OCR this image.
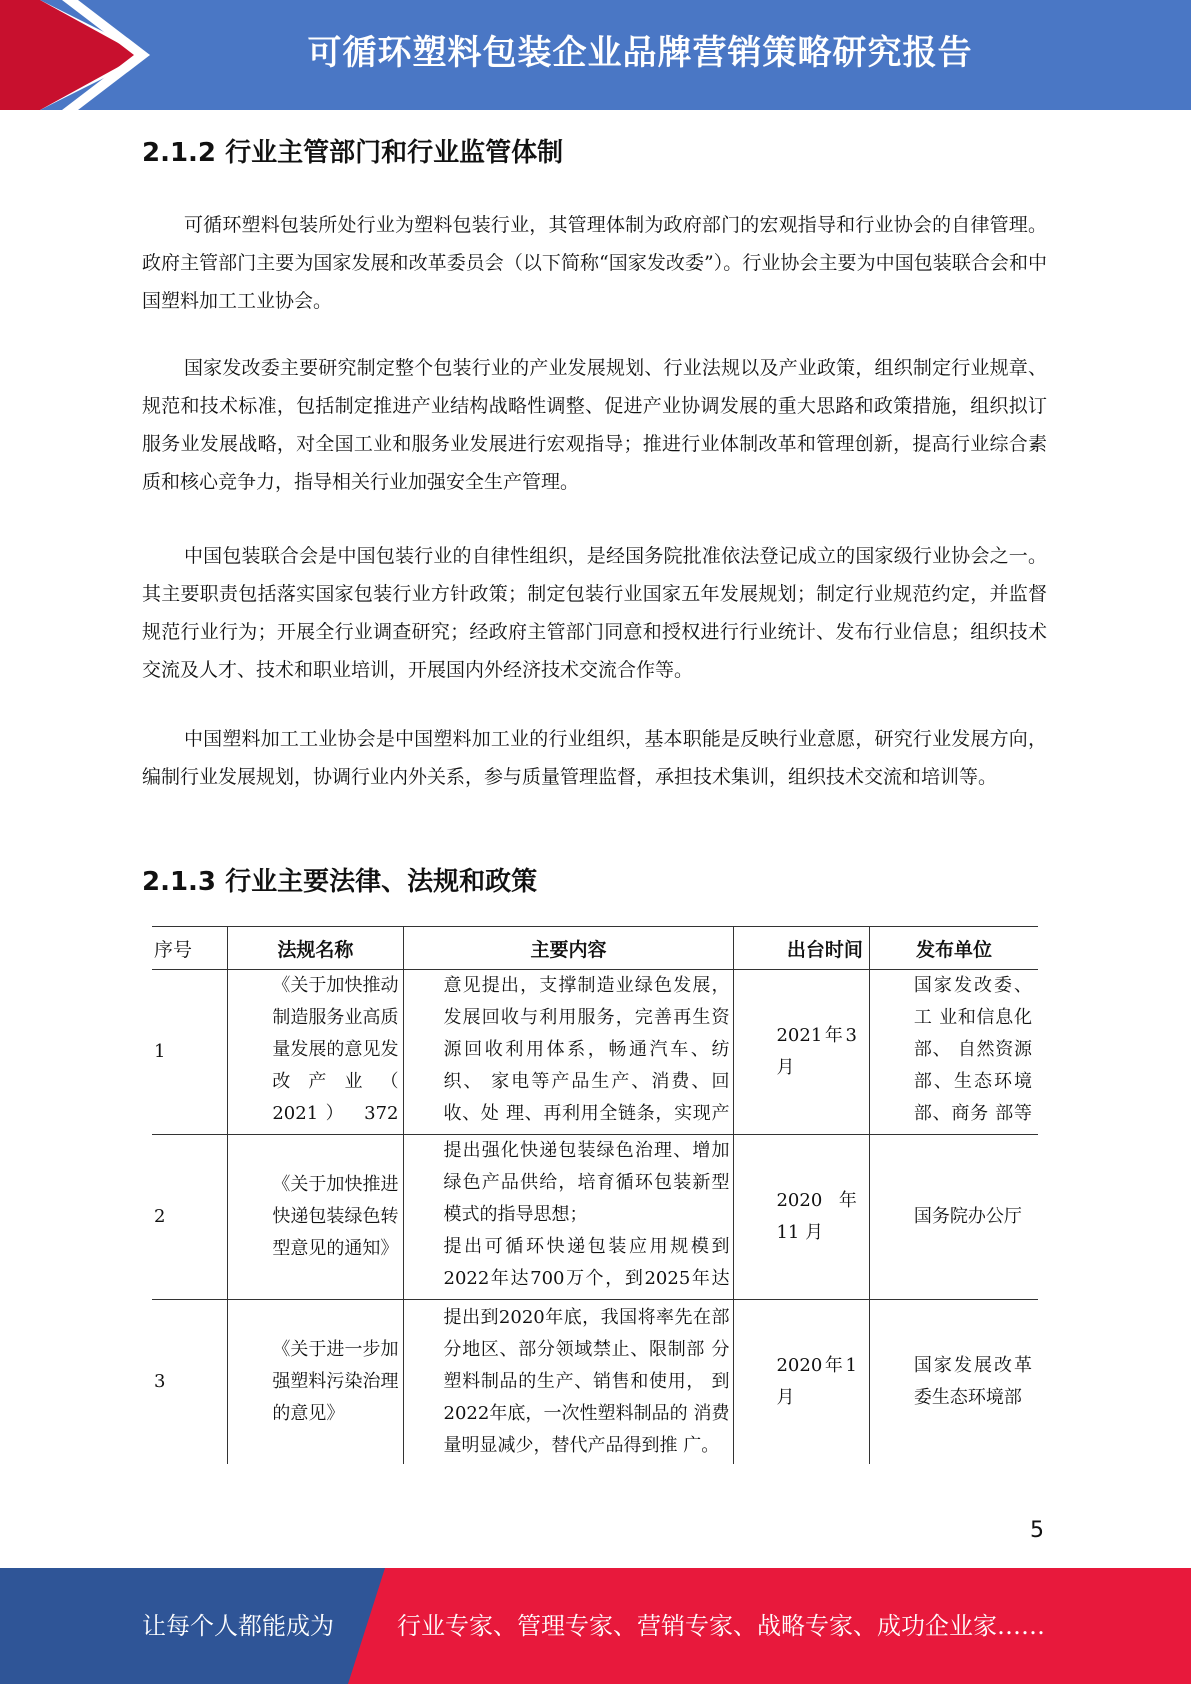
可循环塑料包装企业品牌营销策略研究报告
2.1.2 行业主管部门和行业监管体制

可循环塑料包装所处行业为塑料包装行业，其管理体制为政府部门的宏观指导和行业协会的自律管理。政府主管部门主要为国家发展和改革委员会（以下简称“国家发改委”）。行业协会主要为中国包装联合会和中国塑料加工工业协会。

国家发改委主要研究制定整个包装行业的产业发展规划、行业法规以及产业政策，组织制定行业规章、规范和技术标准，包括制定推进产业结构战略性调整、促进产业协调发展的重大思路和政策措施，组织拟订服务业发展战略，对全国工业和服务业发展进行宏观指导；推进行业体制改革和管理创新，提高行业综合素质和核心竞争力，指导相关行业加强安全生产管理。

中国包装联合会是中国包装行业的自律性组织，是经国务院批准依法登记成立的国家级行业协会之一。其主要职责包括落实国家包装行业方针政策；制定包装行业国家五年发展规划；制定行业规范约定，并监督规范行业行为；开展全行业调查研究；经政府主管部门同意和授权进行行业统计、发布行业信息；组织技术交流及人才、技术和职业培训，开展国内外经济技术交流合作等。

中国塑料加工工业协会是中国塑料加工业的行业组织，基本职能是反映行业意愿，研究行业发展方向，编制行业发展规划，协调行业内外关系，参与质量管理监督，承担技术集训，组织技术交流和培训等。

2.1.3 行业主要法律、法规和政策
序号	法规名称	主要内容	出台时间	发布单位
1	《关于加快推动 制造服务业高质 量发展的意见发 改产业（ 2021） 372	意见提出，支撑制造业绿色发展，发展回收与利用服务，完善再生资 源回收利用体系，畅通汽车、纺织、 家电等产品生产、消费、回收、处 理、再利用全链条，实现产	2021年3月	国家发改委、工 业和信息化部、 自然资源部、生态环境部、商务 部等

2	《关于加快推进 快递包装绿色转 型意见的通知》	提出强化快递包装绿色治理、增加 绿色产品供给，培育循环包装新型 模式的指导思想；
提出可循环快递包装应用规模到2022年达700万个，到2025年达	2020 年 11 月	国务院办公厅
3	《关于进一步加 强塑料污染治理 的意见》	提出到2020年底，我国将率先在部分地区、部分领域禁止、限制部 分塑料制品的生产、销售和使用， 到2022年底，一次性塑料制品的 消费量明显减少，替代产品得到推 广。	2020年1月	国家发展改革委生态环境部
5
让每个人都能成为	行业专家、管理专家、营销专家、战略专家、成功企业家……
